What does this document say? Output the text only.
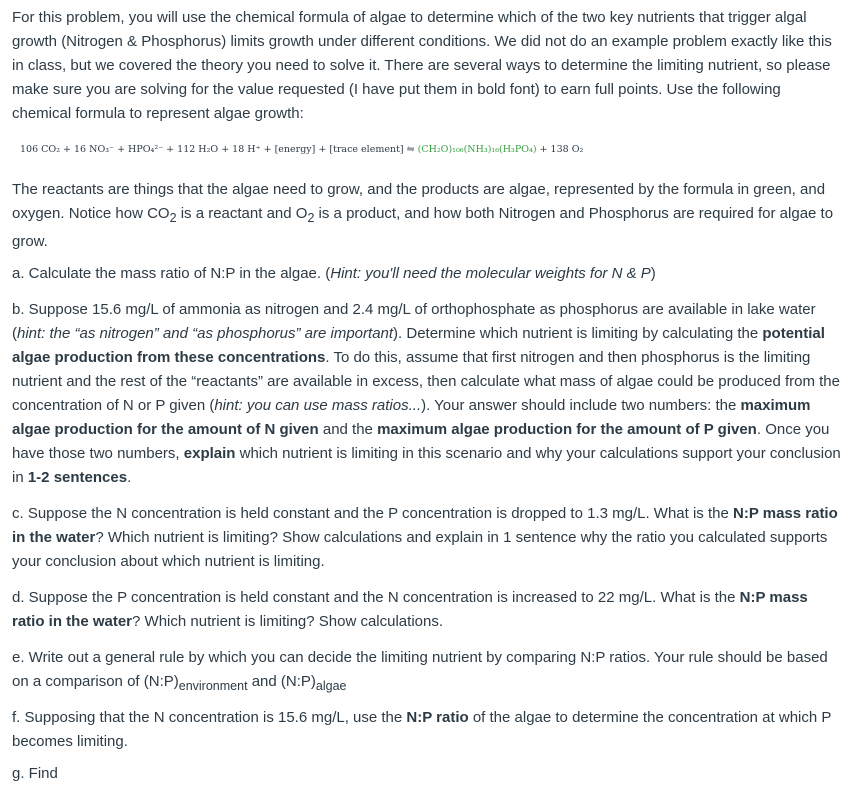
For this problem, you will use the chemical formula of algae to determine which of the two key nutrients that trigger algal growth (Nitrogen & Phosphorus) limits growth under different conditions. We did not do an example problem exactly like this in class, but we covered the theory you need to solve it. There are several ways to determine the limiting nutrient, so please make sure you are solving for the value requested (I have put them in bold font) to earn full points. Use the following chemical formula to represent algae growth:

106 CO₂ + 16 NO₃⁻ + HPO₄²⁻ + 112 H₂O + 18 H⁺ + [energy] + [trace element] ⇋ (CH₂O)₁₀₆(NH₃)₁₆(H₃PO₄) + 138 O₂

The reactants are things that the algae need to grow, and the products are algae, represented by the formula in green, and oxygen. Notice how $CO_2$ is a reactant and $O_2$ is a product, and how both Nitrogen and Phosphorus are required for algae to grow.

a. Calculate the mass ratio of N:P in the algae. (Hint: you'll need the molecular weights for N & P)

b. Suppose 15.6 mg/L of ammonia as nitrogen and 2.4 mg/L of orthophosphate as phosphorus are available in lake water (hint: the “as nitrogen” and “as phosphorus” are important). Determine which nutrient is limiting by calculating the potential algae production from these concentrations. To do this, assume that first nitrogen and then phosphorus is the limiting nutrient and the rest of the “reactants” are available in excess, then calculate what mass of algae could be produced from the concentration of N or P given (hint: you can use mass ratios...). Your answer should include two numbers: the maximum algae production for the amount of N given and the maximum algae production for the amount of P given. Once you have those two numbers, explain which nutrient is limiting in this scenario and why your calculations support your conclusion in 1-2 sentences.

c. Suppose the N concentration is held constant and the P concentration is dropped to 1.3 mg/L. What is the N:P mass ratio in the water? Which nutrient is limiting? Show calculations and explain in 1 sentence why the ratio you calculated supports your conclusion about which nutrient is limiting.

d. Suppose the P concentration is held constant and the N concentration is increased to 22 mg/L. What is the N:P mass ratio in the water? Which nutrient is limiting? Show calculations.

e. Write out a general rule by which you can decide the limiting nutrient by comparing N:P ratios. Your rule should be based on a comparison of $(N:P)_{environment}$ and $(N:P)_{algae}$

f. Supposing that the N concentration is 15.6 mg/L, use the N:P ratio of the algae to determine the concentration at which P becomes limiting.

g. Find
